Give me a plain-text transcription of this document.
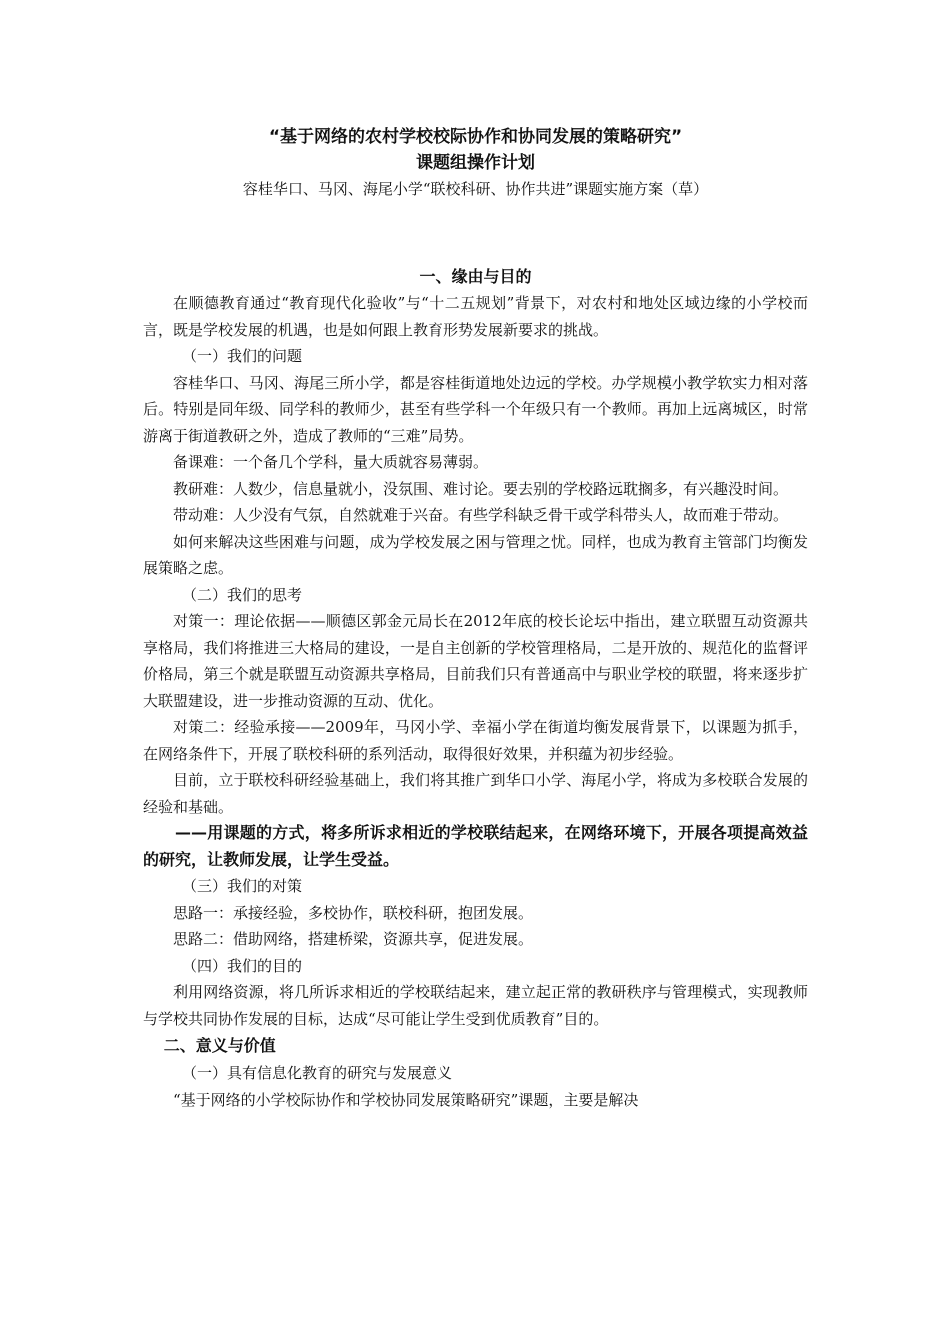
“基于网络的农村学校校际协作和协同发展的策略研究”

课题组操作计划

容桂华口、马冈、海尾小学“联校科研、协作共进”课题实施方案（草）

一、缘由与目的

在顺德教育通过“教育现代化验收”与“十二五规划”背景下，对农村和地处区域边缘的小学校而言，既是学校发展的机遇，也是如何跟上教育形势发展新要求的挑战。

（一）我们的问题

容桂华口、马冈、海尾三所小学，都是容桂街道地处边远的学校。办学规模小教学软实力相对落后。特别是同年级、同学科的教师少，甚至有些学科一个年级只有一个教师。再加上远离城区，时常游离于街道教研之外，造成了教师的“三难”局势。

备课难：一个备几个学科，量大质就容易薄弱。

教研难：人数少，信息量就小，没氛围、难讨论。要去别的学校路远耽搁多，有兴趣没时间。

带动难：人少没有气氛，自然就难于兴奋。有些学科缺乏骨干或学科带头人，故而难于带动。

如何来解决这些困难与问题，成为学校发展之困与管理之忧。同样，也成为教育主管部门均衡发展策略之虑。

（二）我们的思考

对策一：理论依据——顺德区郭金元局长在2012年底的校长论坛中指出，建立联盟互动资源共享格局，我们将推进三大格局的建设，一是自主创新的学校管理格局，二是开放的、规范化的监督评价格局，第三个就是联盟互动资源共享格局，目前我们只有普通高中与职业学校的联盟，将来逐步扩大联盟建设，进一步推动资源的互动、优化。

对策二：经验承接——2009年，马冈小学、幸福小学在街道均衡发展背景下，以课题为抓手，在网络条件下，开展了联校科研的系列活动，取得很好效果，并积蕴为初步经验。

目前，立于联校科研经验基础上，我们将其推广到华口小学、海尾小学，将成为多校联合发展的经验和基础。

——用课题的方式，将多所诉求相近的学校联结起来，在网络环境下，开展各项提高效益的研究，让教师发展，让学生受益。

（三）我们的对策

思路一：承接经验，多校协作，联校科研，抱团发展。

思路二：借助网络，搭建桥梁，资源共享，促进发展。

（四）我们的目的

利用网络资源，将几所诉求相近的学校联结起来，建立起正常的教研秩序与管理模式，实现教师与学校共同协作发展的目标，达成“尽可能让学生受到优质教育”目的。

二、意义与价值

（一）具有信息化教育的研究与发展意义

“基于网络的小学校际协作和学校协同发展策略研究”课题，主要是解决
